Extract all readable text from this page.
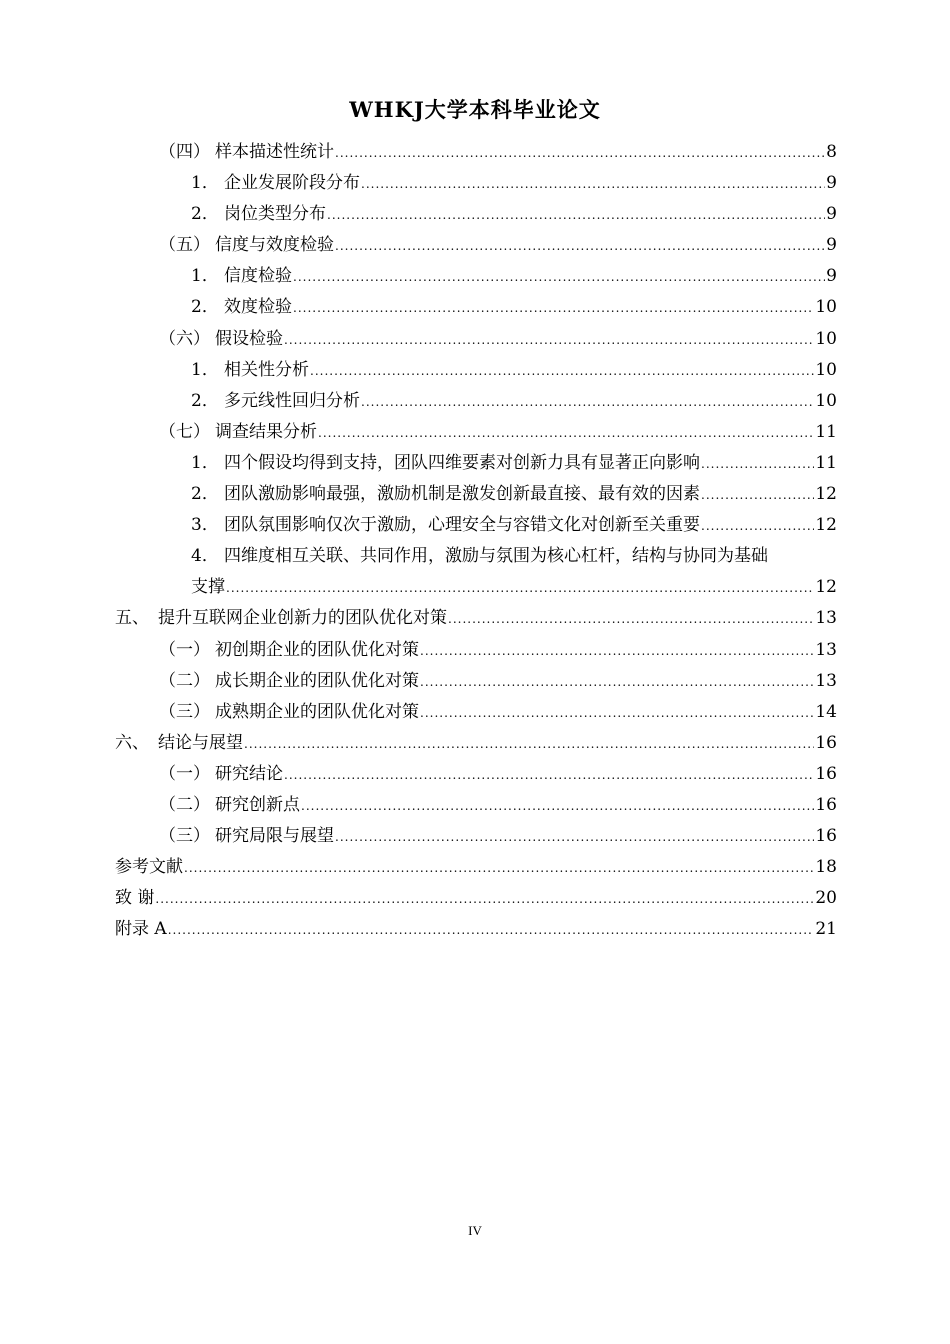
WHKJ大学本科毕业论文
（四） 样本描述性统计 .....	8
1． 企业发展阶段分布 .....	9
2． 岗位类型分布 .....	9
（五） 信度与效度检验 .....	9
1． 信度检验 .....	9
2． 效度检验 .....	10
（六） 假设检验 .....	10
1． 相关性分析 .....	10
2． 多元线性回归分析 .....	10
（七） 调查结果分析 .....	11
1． 四个假设均得到支持，团队四维要素对创新力具有显著正向影响 .....	11
2． 团队激励影响最强，激励机制是激发创新最直接、最有效的因素 .....	12
3． 团队氛围影响仅次于激励，心理安全与容错文化对创新至关重要 .....	12
4． 四维度相互关联、共同作用，激励与氛围为核心杠杆，结构与协同为基础
支撑 .....	12
五、 提升互联网企业创新力的团队优化对策 .....	13
（一） 初创期企业的团队优化对策 .....	13
（二） 成长期企业的团队优化对策 .....	13
（三） 成熟期企业的团队优化对策 .....	14
六、 结论与展望 .....	16
（一） 研究结论 .....	16
（二） 研究创新点 .....	16
（三） 研究局限与展望 .....	16
参考文献 .....	18
致 谢 .....	20
附录 A .....	21
IV
